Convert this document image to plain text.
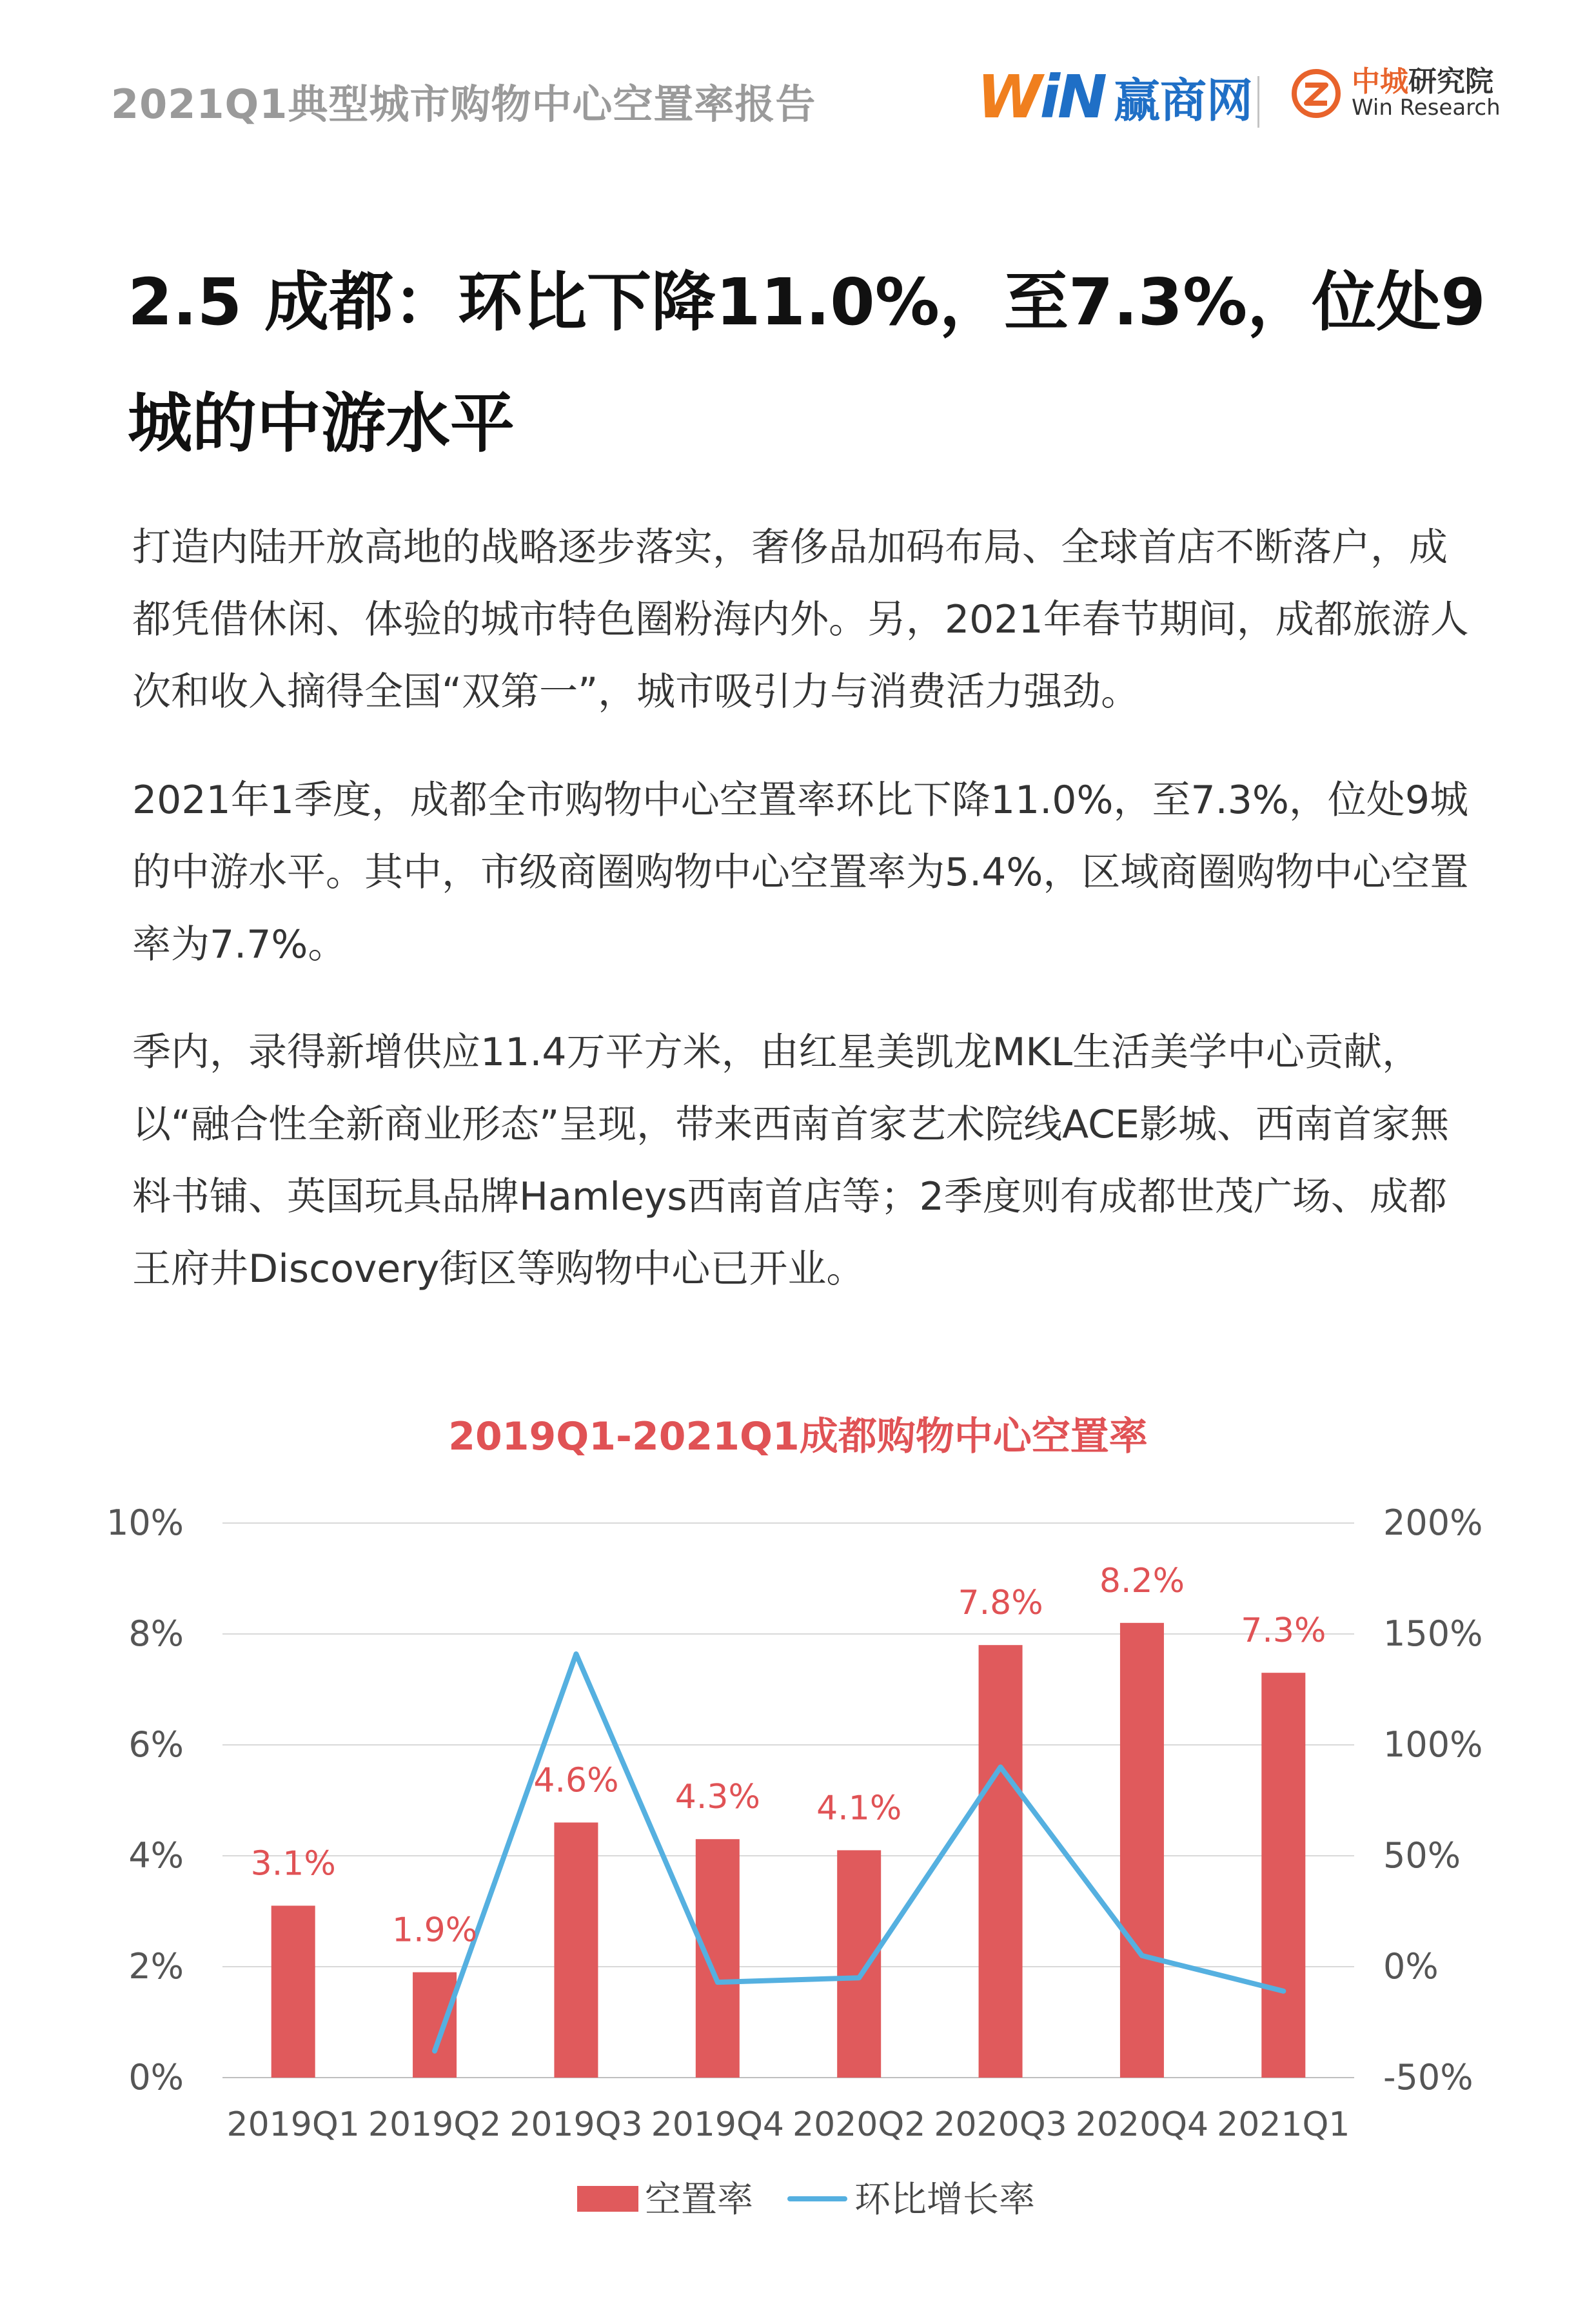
2021Q1典型城市购物中心空置率报告	WiN 赢商网	中城研究院
Win Research
2.5 成都：环比下降11.0%，至7.3%，位处9城的中游水平
打造内陆开放高地的战略逐步落实，奢侈品加码布局、全球首店不断落户，成都凭借休闲、体验的城市特色圈粉海内外。另，2021年春节期间，成都旅游人次和收入摘得全国“双第一”，城市吸引力与消费活力强劲。
2021年1季度，成都全市购物中心空置率环比下降11.0%，至7.3%，位处9城的中游水平。其中，市级商圈购物中心空置率为5.4%，区域商圈购物中心空置率为7.7%。
季内，录得新增供应11.4万平方米，由红星美凯龙MKL生活美学中心贡献，以“融合性全新商业形态”呈现，带来西南首家艺术院线ACE影城、西南首家無料书铺、英国玩具品牌Hamleys西南首店等；2季度则有成都世茂广场、成都王府井Discovery街区等购物中心已开业。
2019Q1-2021Q1成都购物中心空置率
3.1%
1.9%
4.6% 4.3% 4.1%
7.8%
8.2%
7.3%
0%
2%
4%
6%
8%
10%
-50%
0%
50%
100%
150%
200%
2019Q1 2019Q2 2019Q3 2019Q4 2020Q2 2020Q3 2020Q4 2021Q1
空置率	环比增长率
